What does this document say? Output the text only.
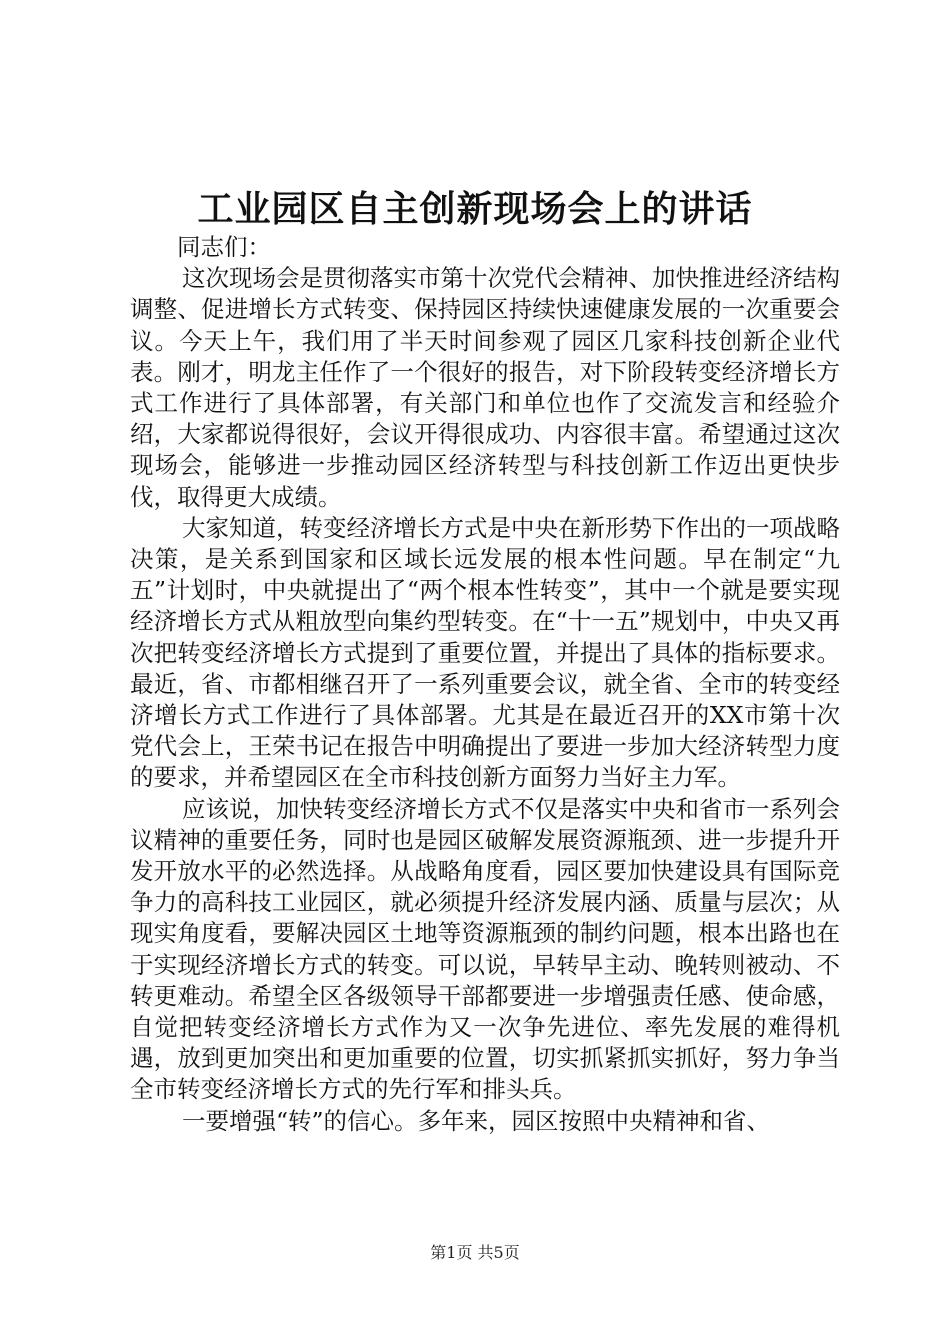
工业园区自主创新现场会上的讲话

同志们：

这次现场会是贯彻落实市第十次党代会精神、加快推进经济结构调整、促进增长方式转变、保持园区持续快速健康发展的一次重要会议。今天上午，我们用了半天时间参观了园区几家科技创新企业代表。刚才，明龙主任作了一个很好的报告，对下阶段转变经济增长方式工作进行了具体部署，有关部门和单位也作了交流发言和经验介绍，大家都说得很好，会议开得很成功、内容很丰富。希望通过这次现场会，能够进一步推动园区经济转型与科技创新工作迈出更快步伐，取得更大成绩。

大家知道，转变经济增长方式是中央在新形势下作出的一项战略决策，是关系到国家和区域长远发展的根本性问题。早在制定“九五”计划时，中央就提出了“两个根本性转变”，其中一个就是要实现经济增长方式从粗放型向集约型转变。在“十一五”规划中，中央又再次把转变经济增长方式提到了重要位置，并提出了具体的指标要求。最近，省、市都相继召开了一系列重要会议，就全省、全市的转变经济增长方式工作进行了具体部署。尤其是在最近召开的XX市第十次党代会上，王荣书记在报告中明确提出了要进一步加大经济转型力度的要求，并希望园区在全市科技创新方面努力当好主力军。

应该说，加快转变经济增长方式不仅是落实中央和省市一系列会议精神的重要任务，同时也是园区破解发展资源瓶颈、进一步提升开发开放水平的必然选择。从战略角度看，园区要加快建设具有国际竞争力的高科技工业园区，就必须提升经济发展内涵、质量与层次；从现实角度看，要解决园区土地等资源瓶颈的制约问题，根本出路也在于实现经济增长方式的转变。可以说，早转早主动、晚转则被动、不转更难动。希望全区各级领导干部都要进一步增强责任感、使命感，自觉把转变经济增长方式作为又一次争先进位、率先发展的难得机遇，放到更加突出和更加重要的位置，切实抓紧抓实抓好，努力争当全市转变经济增长方式的先行军和排头兵。

一要增强“转”的信心。多年来，园区按照中央精神和省、

第1页 共5页
